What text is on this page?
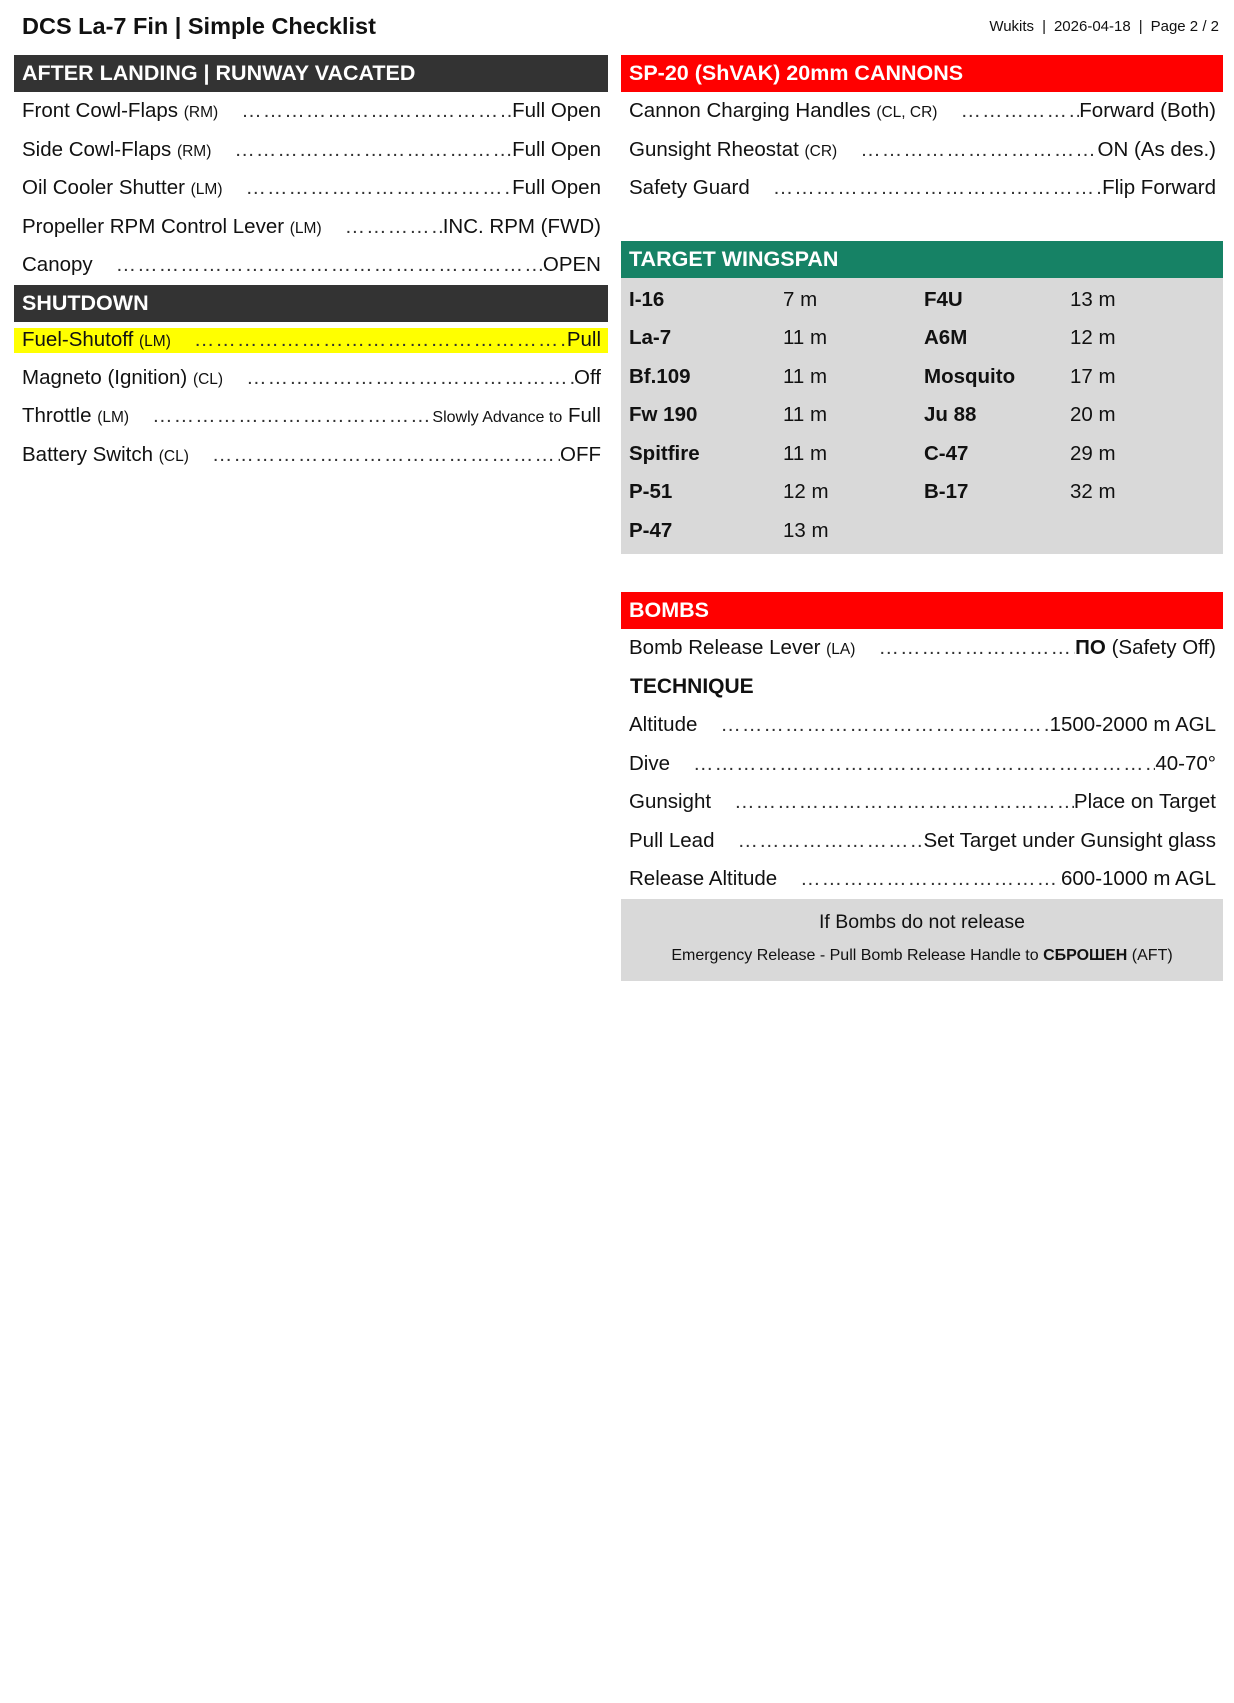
DCS La-7 Fin | Simple Checklist	Wukits | 2026-04-18 | Page 2 / 2
AFTER LANDING | RUNWAY VACATED
Front Cowl-Flaps (RM) …………………………………………………………………………………………………………	Full Open
Side Cowl-Flaps (RM) …………………………………………………………………………………………………………	Full Open
Oil Cooler Shutter (LM) …………………………………………………………………………………………………………	Full Open
Propeller RPM Control Lever (LM) …………………………………………………………………………………………………………	INC. RPM (FWD)
Canopy …………………………………………………………………………………………………………	OPEN
SHUTDOWN
Fuel-Shutoff (LM) …………………………………………………………………………………………………………	Pull
Magneto (Ignition) (CL) …………………………………………………………………………………………………………	Off
Throttle (LM) …………………………………………………………………………………………………………	Slowly Advance to Full
Battery Switch (CL) …………………………………………………………………………………………………………	OFF
SP-20 (ShVAK) 20mm CANNONS
Cannon Charging Handles (CL, CR) …………………………………………………………………………………………………………	Forward (Both)
Gunsight Rheostat (CR) …………………………………………………………………………………………………………	ON (As des.)
Safety Guard …………………………………………………………………………………………………………	Flip Forward
TARGET WINGSPAN
I-16	7 m	F4U	13 m
La-7	11 m	A6M	12 m
Bf.109	11 m	Mosquito	17 m
Fw 190	11 m	Ju 88	20 m
Spitfire	11 m	C-47	29 m
P-51	12 m	B-17	32 m
P-47	13 m
BOMBS
Bomb Release Lever (LA) …………………………………………………………………………………………………………	ПО (Safety Off)
TECHNIQUE
Altitude …………………………………………………………………………………………………………	1500-2000 m AGL
Dive …………………………………………………………………………………………………………	40-70°
Gunsight …………………………………………………………………………………………………………	Place on Target
Pull Lead …………………………………………………………………………………………………………	Set Target under Gunsight glass
Release Altitude …………………………………………………………………………………………………………	600-1000 m AGL
If Bombs do not release
Emergency Release - Pull Bomb Release Handle to СБРОШЕН (AFT)
